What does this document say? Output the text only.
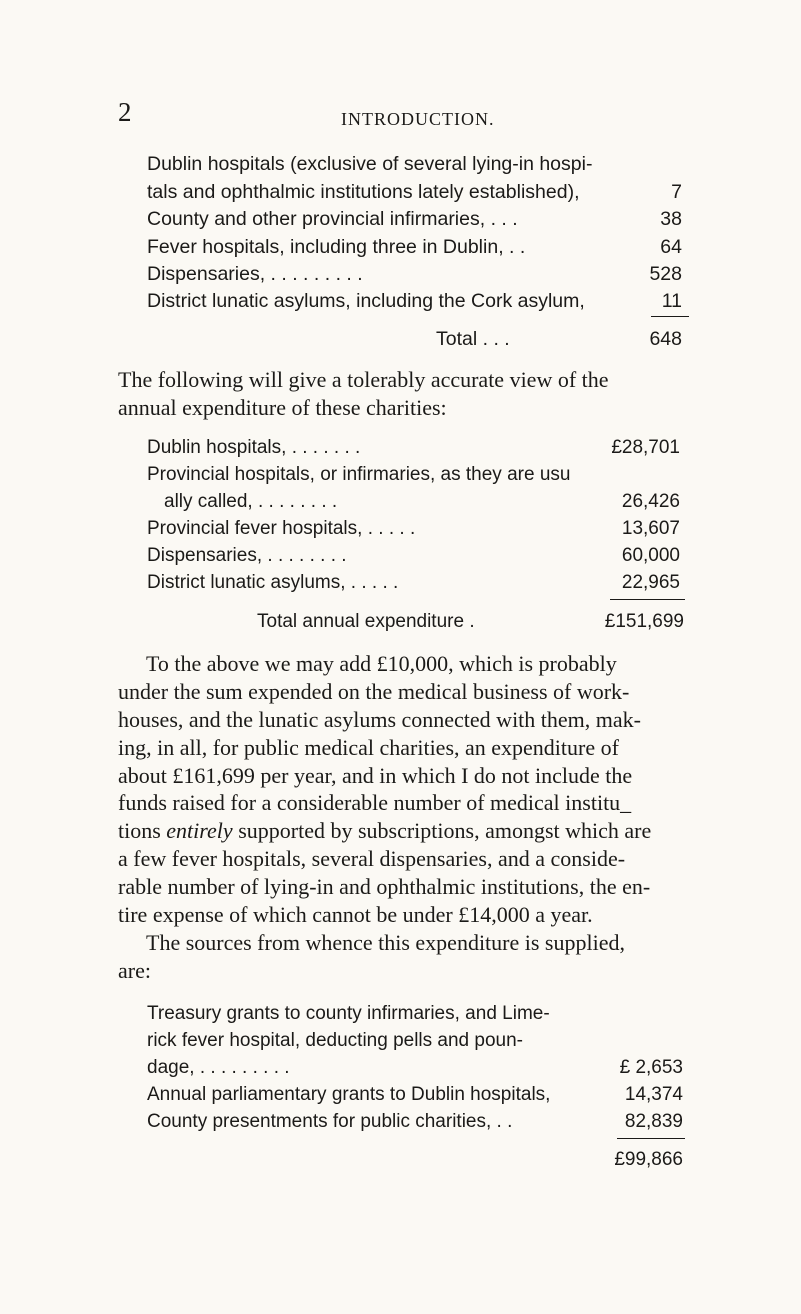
2	INTRODUCTION.
Dublin hospitals (exclusive of several lying-in hospi-
tals and ophthalmic institutions lately established),	7
County and other provincial infirmaries, . . .	38
Fever hospitals, including three in Dublin, . .	64
Dispensaries, . . . . . . . . .	528
District lunatic asylums, including the Cork asylum,	11
Total . . .	648
The following will give a tolerably accurate view of the
annual expenditure of these charities:
Dublin hospitals, . . . . . . .	£28,701
Provincial hospitals, or infirmaries, as they are usu
ally called, . . . . . . . .	26,426
Provincial fever hospitals, . . . . .	13,607
Dispensaries, . . . . . . . .	60,000
District lunatic asylums, . . . . .	22,965
Total annual expenditure .	£151,699
To the above we may add £10,000, which is probably
under the sum expended on the medical business of work-
houses, and the lunatic asylums connected with them, mak-
ing, in all, for public medical charities, an expenditure of
about £161,699 per year, and in which I do not include the
funds raised for a considerable number of medical institu_
tions entirely supported by subscriptions, amongst which are
a few fever hospitals, several dispensaries, and a conside-
rable number of lying-in and ophthalmic institutions, the en-
tire expense of which cannot be under £14,000 a year.
The sources from whence this expenditure is supplied,
are:
Treasury grants to county infirmaries, and Lime-
rick fever hospital, deducting pells and poun-
dage, . . . . . . . . .	£ 2,653
Annual parliamentary grants to Dublin hospitals,	14,374
County presentments for public charities, . .	82,839
£99,866
